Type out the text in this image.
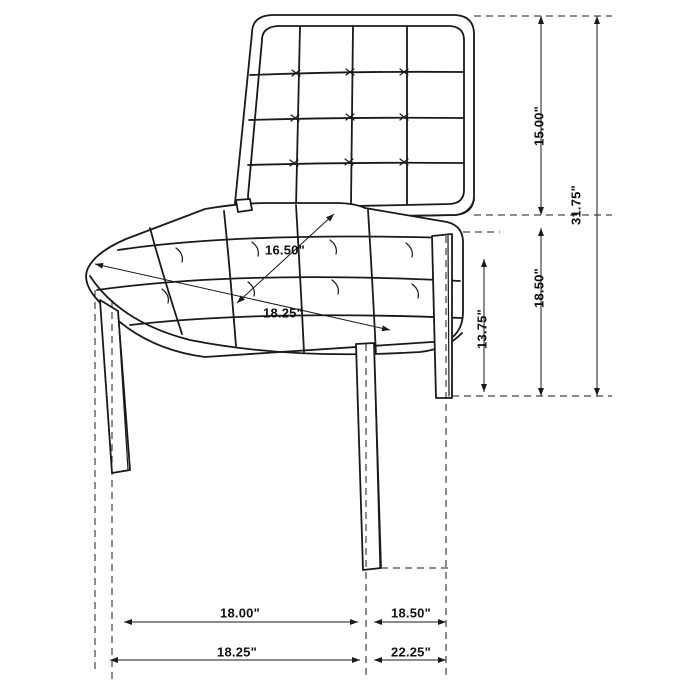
31.75"
15.00"
18.50"
13.75"
16.50"
18.25"
18.00"	18.50"
18.25"	22.25"
